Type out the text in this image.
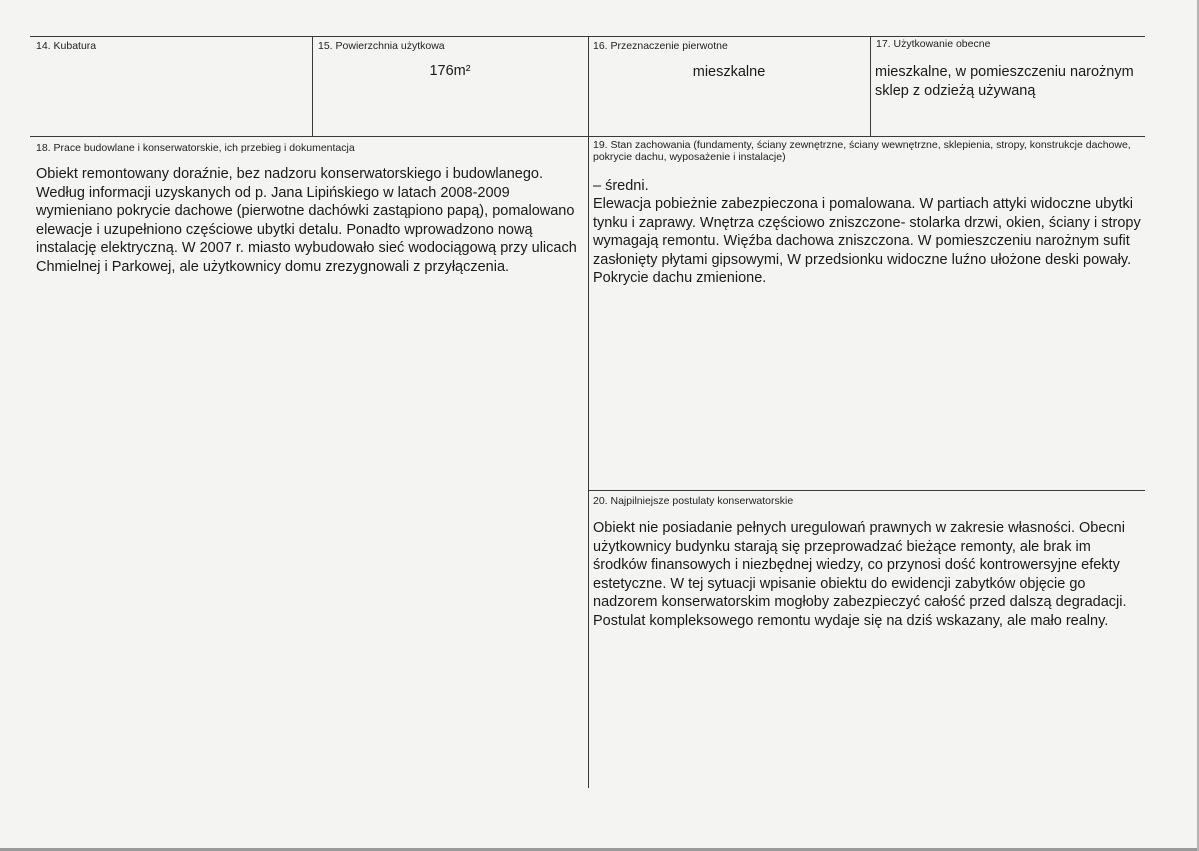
14. Kubatura	15. Powierzchnia użytkowa
176m²
16. Przeznaczenie pierwotne
mieszkalne
17. Użytkowanie obecne
mieszkalne, w pomieszczeniu narożnym sklep z odzieżą używaną
18. Prace budowlane i konserwatorskie, ich przebieg i dokumentacja
Obiekt remontowany doraźnie, bez nadzoru konserwatorskiego i budowlanego. Według informacji uzyskanych od p. Jana Lipińskiego w latach 2008-2009 wymieniano pokrycie dachowe (pierwotne dachówki zastąpiono papą), pomalowano elewacje i uzupełniono częściowe ubytki detalu. Ponadto wprowadzono nową instalację elektryczną. W 2007 r. miasto wybudowało sieć wodociągową przy ulicach Chmielnej i Parkowej, ale użytkownicy domu zrezygnowali z przyłączenia.
19. Stan zachowania (fundamenty, ściany zewnętrzne, ściany wewnętrzne, sklepienia, stropy, konstrukcje dachowe, pokrycie dachu, wyposażenie i instalacje)
– średni.
Elewacja pobieżnie zabezpieczona i pomalowana. W partiach attyki widoczne ubytki tynku i zaprawy. Wnętrza częściowo zniszczone- stolarka drzwi, okien, ściany i stropy wymagają remontu. Więźba dachowa zniszczona. W pomieszczeniu narożnym sufit zasłonięty płytami gipsowymi, W przedsionku widoczne luźno ułożone deski powały. Pokrycie dachu zmienione.
20. Najpilniejsze postulaty konserwatorskie
Obiekt nie posiadanie pełnych uregulowań prawnych w zakresie własności. Obecni użytkownicy budynku starają się przeprowadzać bieżące remonty, ale brak im środków finansowych i niezbędnej wiedzy, co przynosi dość kontrowersyjne efekty estetyczne. W tej sytuacji wpisanie obiektu do ewidencji zabytków objęcie go nadzorem konserwatorskim mogłoby zabezpieczyć całość przed dalszą degradacji. Postulat kompleksowego remontu wydaje się na dziś wskazany, ale mało realny.
